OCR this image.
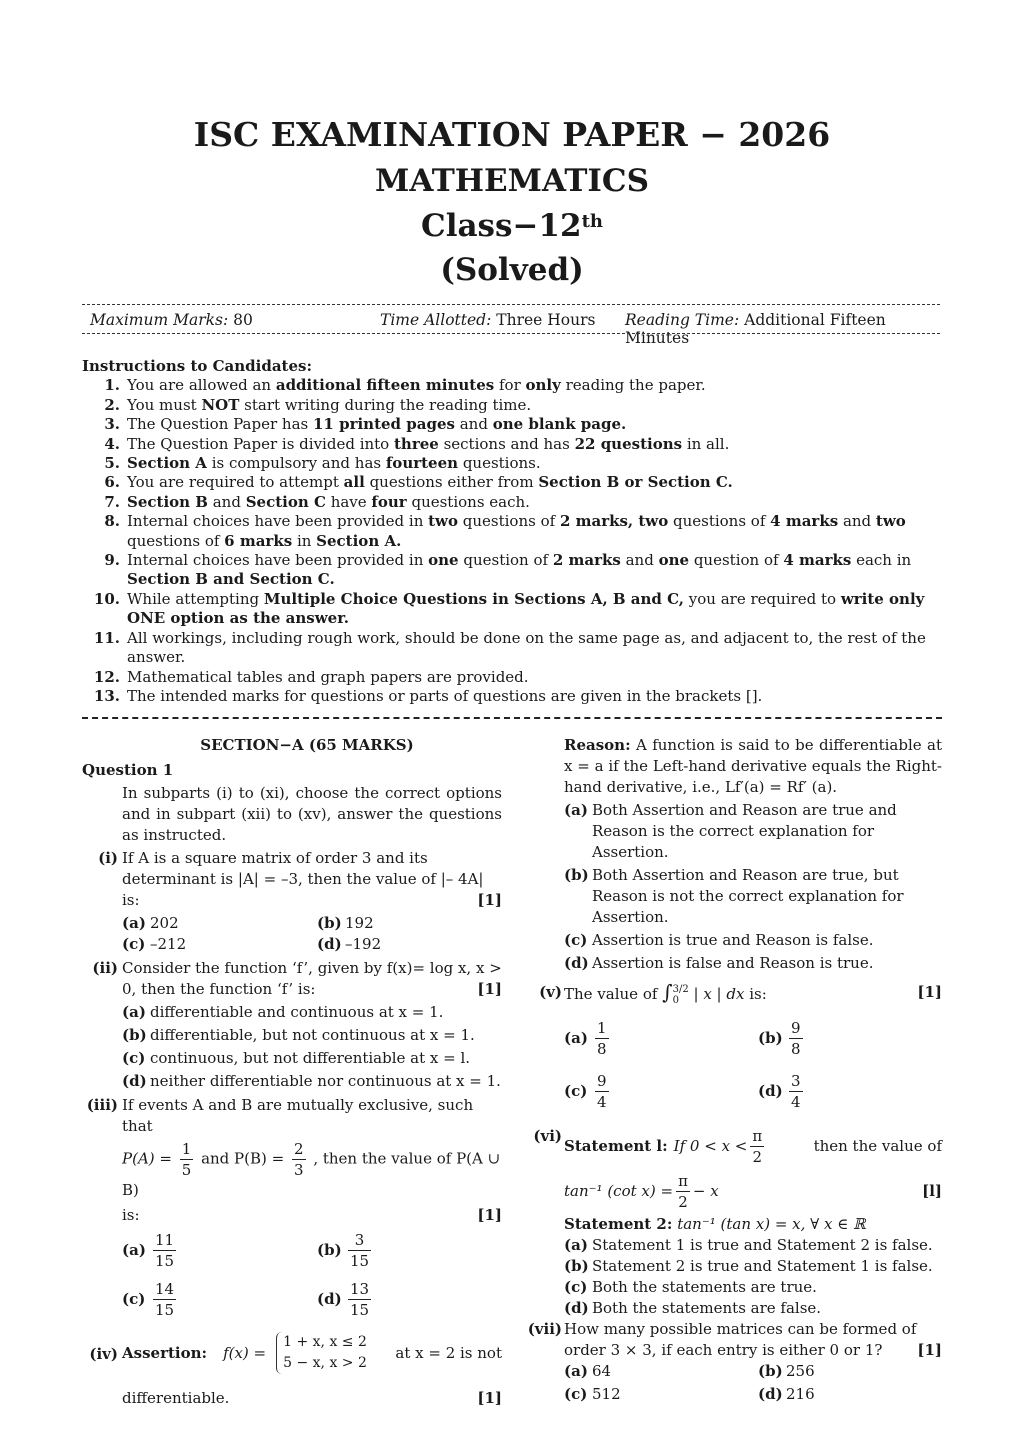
ISC EXAMINATION PAPER − 2026
MATHEMATICS
Class−12th
(Solved)
Maximum Marks: 80	Time Allotted: Three Hours Reading Time: Additional Fifteen Minutes
Instructions to Candidates:
1. You are allowed an additional fifteen minutes for only reading the paper.
2. You must NOT start writing during the reading time.
3. The Question Paper has 11 printed pages and one blank page.
4. The Question Paper is divided into three sections and has 22 questions in all.
5. Section A is compulsory and has fourteen questions.
6. You are required to attempt all questions either from Section B or Section C.
7. Section B and Section C have four questions each.
8. Internal choices have been provided in two questions of 2 marks, two questions of 4 marks and two questions of 6 marks in Section A.
9. Internal choices have been provided in one question of 2 marks and one question of 4 marks each in Section B and Section C.
10. While attempting Multiple Choice Questions in Sections A, B and C, you are required to write only ONE option as the answer.
11. All workings, including rough work, should be done on the same page as, and adjacent to, the rest of the answer.
12. Mathematical tables and graph papers are provided.
13. The intended marks for questions or parts of questions are given in the brackets [].
SECTION−A (65 MARKS)
Question 1
In subparts (i) to (xi), choose the correct options and in subpart (xii) to (xv), answer the questions as instructed.
(i) If A is a square matrix of order 3 and its determinant is |A| = –3, then the value of |– 4A| is:	[1]
(a) 202	(b) 192
(c) –212	(d) –192
(ii) Consider the function ‘f’, given by f(x)= log x, x > 0, then the function ‘f’ is:	[1]
(a) differentiable and continuous at x = 1.
(b) differentiable, but not continuous at x = 1.
(c) continuous, but not differentiable at x = l.
(d) neither differentiable nor continuous at x = 1.
(iii) If events A and B are mutually exclusive, such that
$P(A) = \frac{1}{5}$ and $P(B) = \frac{2}{3}$ , then the value of P(A ∪ B)
is:	[1]
$(a) \frac{11}{15}$	$(b) \frac{3}{15}$
$(c) \frac{14}{15}$	$(d) \frac{13}{15}$
(iv) Assertion: f(x) =
1 + x, x ≤ 2
5 − x, x > 2
at x = 2 is not
differentiable.	[1]
Reason: A function is said to be differentiable at x = a if the Left-hand derivative equals the Right-hand derivative, i.e., Lf′(a) = Rf′ (a).
(a) Both Assertion and Reason are true and Reason is the correct explanation for Assertion.
(b) Both Assertion and Reason are true, but Reason is not the correct explanation for Assertion.
(c) Assertion is true and Reason is false.
(d) Assertion is false and Reason is true.
(v) The value of ∫ 3/2
0 | x | dx is:	[1]
$(a) \frac{1}{8}$	$(b) \frac{9}{8}$
$(c) \frac{9}{4}$	$(d) \frac{3}{4}$
(vi)
Statement l: If $0 < x < \frac{\pi}{2}$	then the value of
tan⁻¹ (cot $x) = \frac{\pi}{2} - x$	[l]
Statement 2: tan⁻¹ (tan x) = x, ∀ x ∈ ℝ
(a) Statement 1 is true and Statement 2 is false.
(b) Statement 2 is true and Statement 1 is false.
(c) Both the statements are true.
(d) Both the statements are false.
(vii) How many possible matrices can be formed of order 3 × 3, if each entry is either 0 or 1? [1]
(a) 64	(b) 256
(c) 512	(d) 216
